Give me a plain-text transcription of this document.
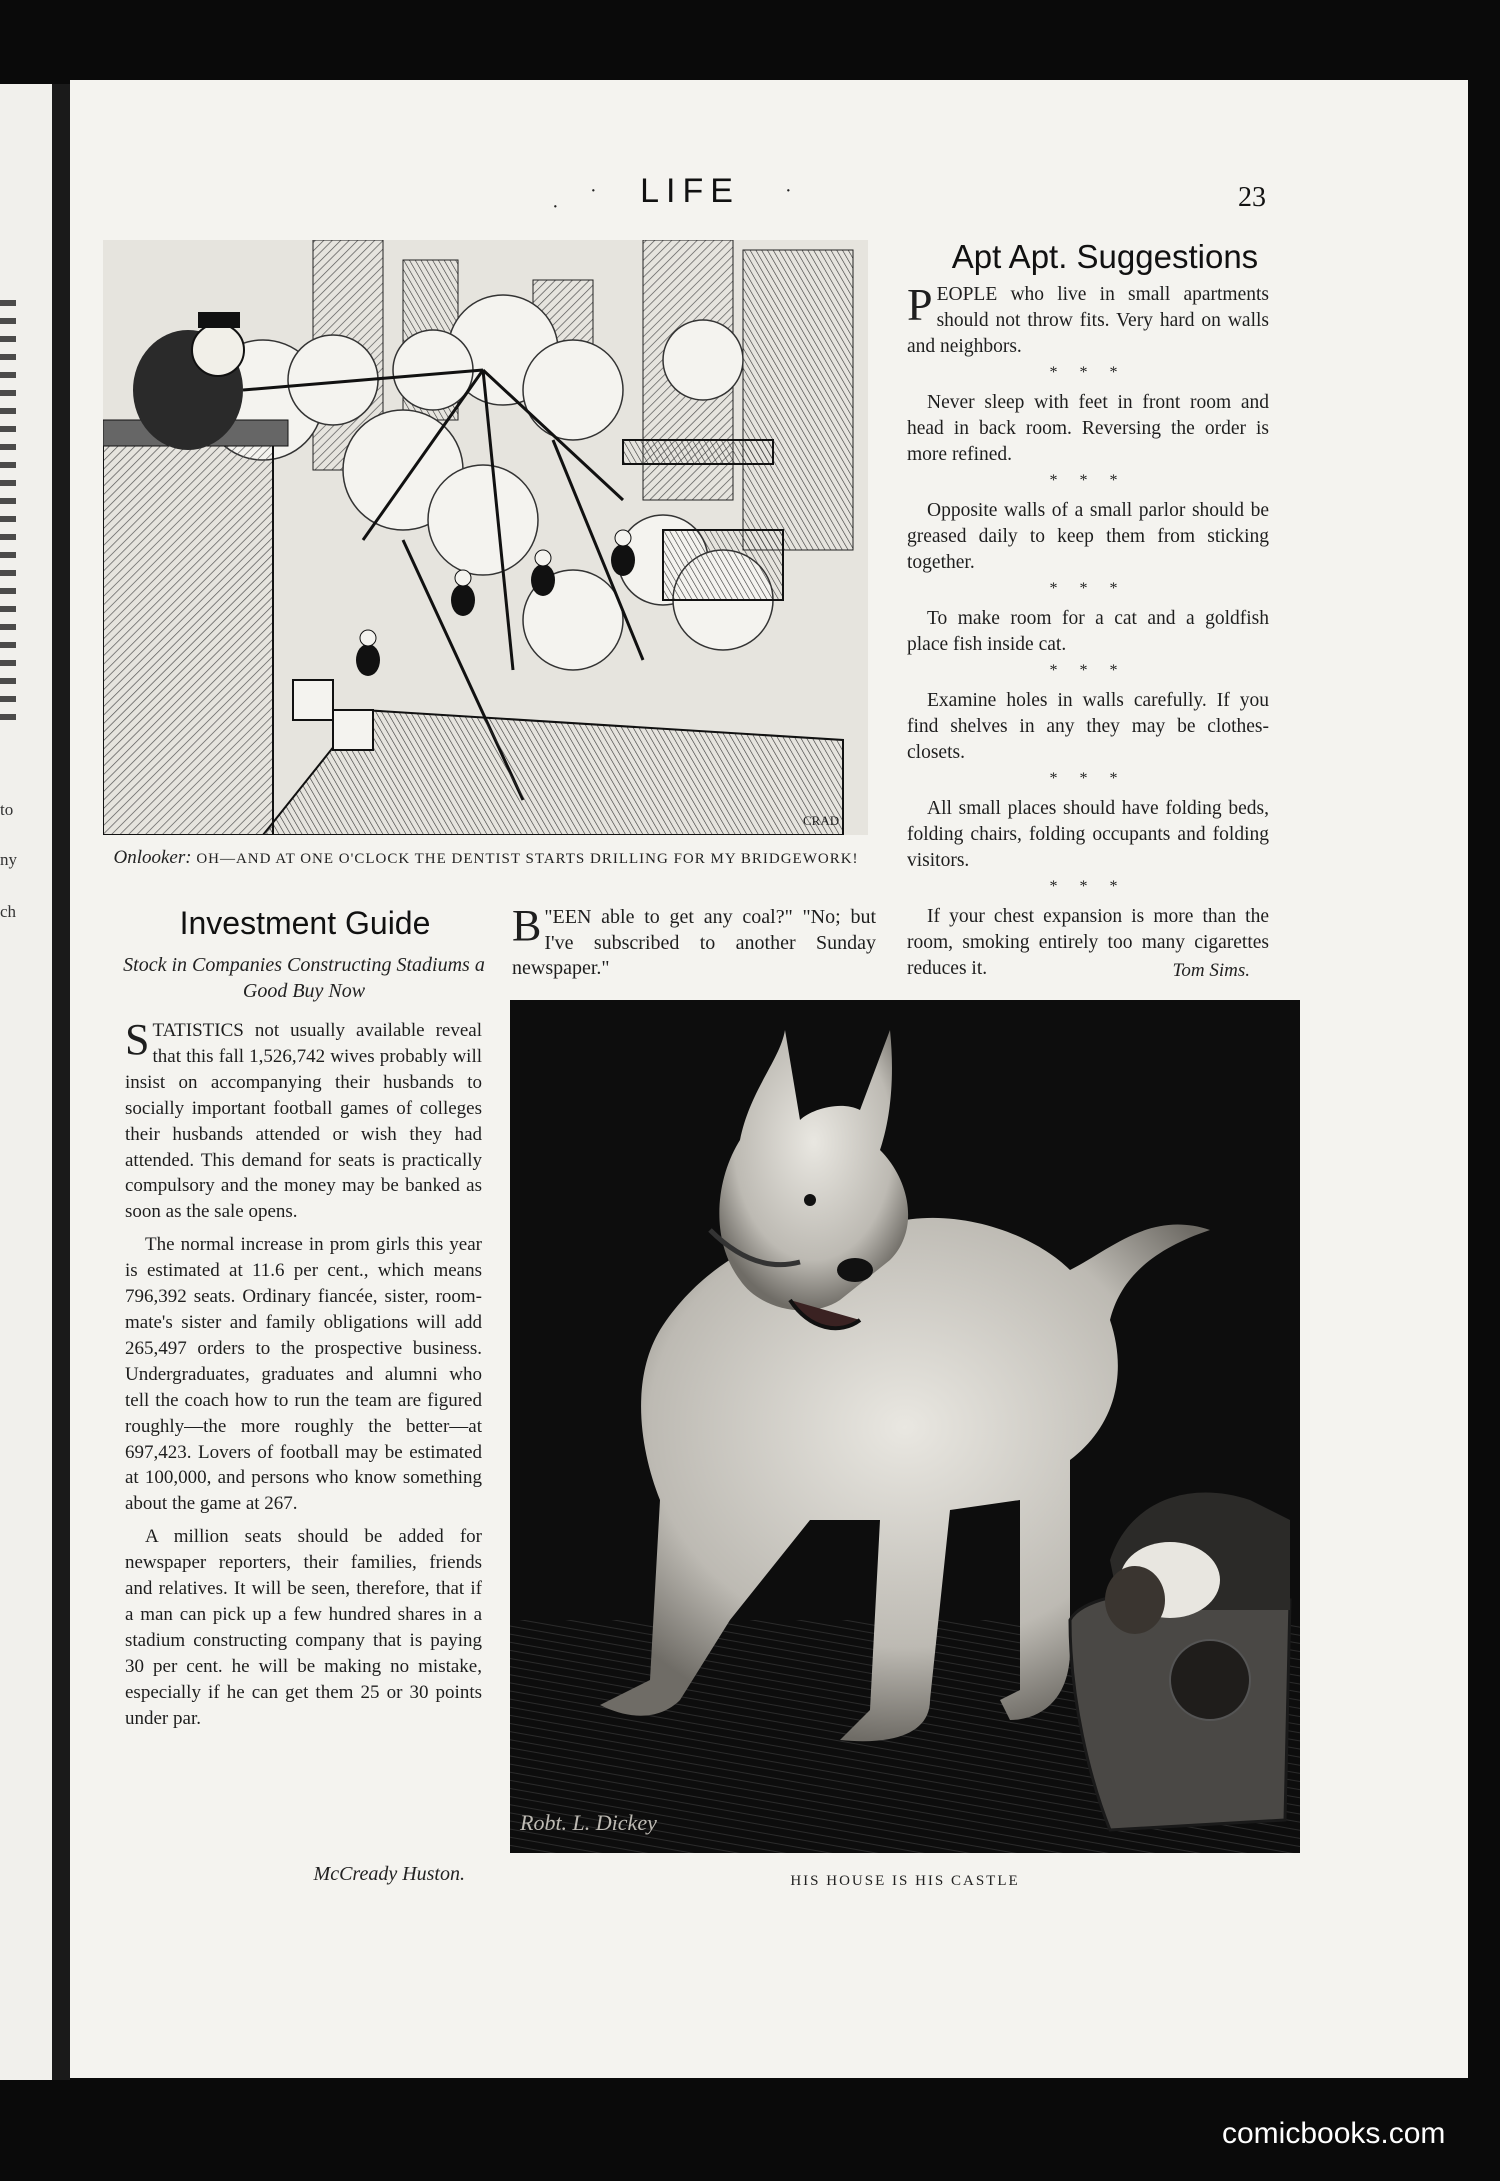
to
ny
ch
·
·	LIFE	·	23
CRAD
Onlooker: OH—AND AT ONE O'CLOCK THE DENTIST STARTS DRILLING FOR MY BRIDGEWORK!
Apt Apt. Suggestions

PEOPLE who live in small apartments should not throw fits. Very hard on walls and neighbors.

* * *

Never sleep with feet in front room and head in back room. Reversing the order is more refined.

* * *

Opposite walls of a small parlor should be greased daily to keep them from sticking together.

* * *

To make room for a cat and a goldfish place fish inside cat.

* * *

Examine holes in walls carefully. If you find shelves in any they may be clothes-closets.

* * *

All small places should have folding beds, folding chairs, folding occupants and folding visitors.

* * *

If your chest expansion is more than the room, smoking entirely too many cigarettes reduces it.	Tom Sims.
Investment Guide
Stock in Companies Constructing Stadiums a Good Buy Now

STATISTICS not usually available reveal that this fall 1,526,742 wives probably will insist on accompanying their husbands to socially important football games of colleges their husbands attended or wish they had attended. This demand for seats is practically compulsory and the money may be banked as soon as the sale opens.

The normal increase in prom girls this year is estimated at 11.6 per cent., which means 796,392 seats. Ordinary fiancée, sister, room-mate's sister and family obligations will add 265,497 orders to the prospective business. Undergraduates, graduates and alumni who tell the coach how to run the team are figured roughly—the more roughly the better—at 697,423. Lovers of football may be estimated at 100,000, and persons who know something about the game at 267.

A million seats should be added for newspaper reporters, their families, friends and relatives. It will be seen, therefore, that if a man can pick up a few hundred shares in a stadium constructing company that is paying 30 per cent. he will be making no mistake, especially if he can get them 25 or 30 points under par.

McCready Huston.
"
B EEN able to get any coal?" "No; but I've subscribed to another Sunday newspaper."
Robt. L. Dickey
HIS HOUSE IS HIS CASTLE
comicbooks.com
